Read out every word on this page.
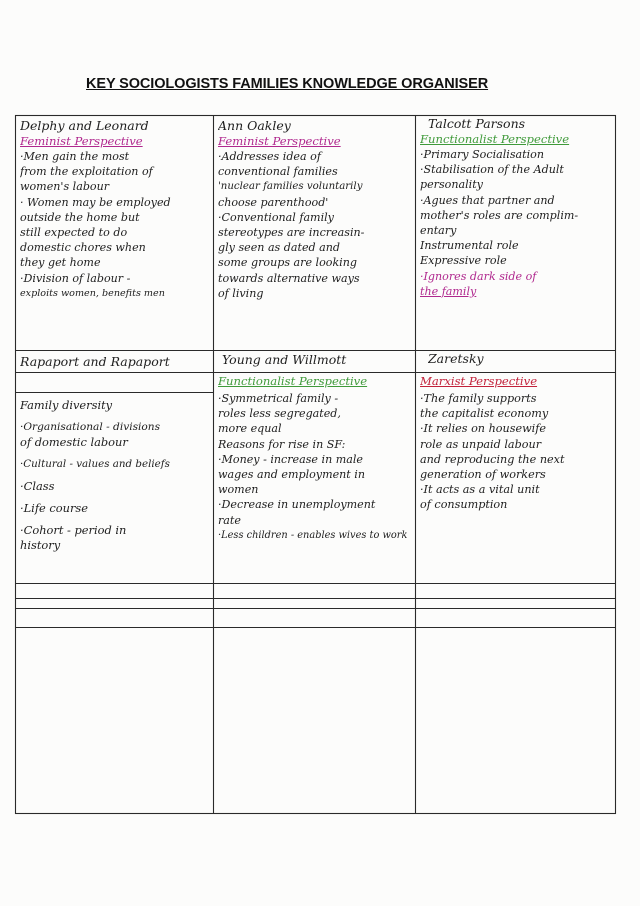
KEY SOCIOLOGISTS FAMILIES KNOWLEDGE ORGANISER
Delphy and Leonard
Feminist Perspective
·Men gain the most
from the exploitation of
women's labour
· Women may be employed
outside the home but
still expected to do
domestic chores when
they get home
·Division of labour -
exploits women, benefits men
Ann Oakley
Feminist Perspective
·Addresses idea of
conventional families
'nuclear families voluntarily
choose parenthood'
·Conventional family
stereotypes are increasin-
gly seen as dated and
some groups are looking
towards alternative ways
of living
Talcott Parsons
Functionalist Perspective
·Primary Socialisation
·Stabilisation of the Adult
personality
·Agues that partner and
mother's roles are complim-
entary
Instrumental role
Expressive role
·Ignores dark side of
the family
Rapaport and Rapaport	Young and Willmott	Zaretsky
Family diversity
·Organisational - divisions
of domestic labour
·Cultural - values and beliefs
·Class
·Life course
·Cohort - period in
history
Functionalist Perspective
·Symmetrical family -
roles less segregated,
more equal
Reasons for rise in SF:
·Money - increase in male
wages and employment in
women
·Decrease in unemployment
rate
·Less children - enables wives to work
Marxist Perspective
·The family supports
the capitalist economy
·It relies on housewife
role as unpaid labour
and reproducing the next
generation of workers
·It acts as a vital unit
of consumption
